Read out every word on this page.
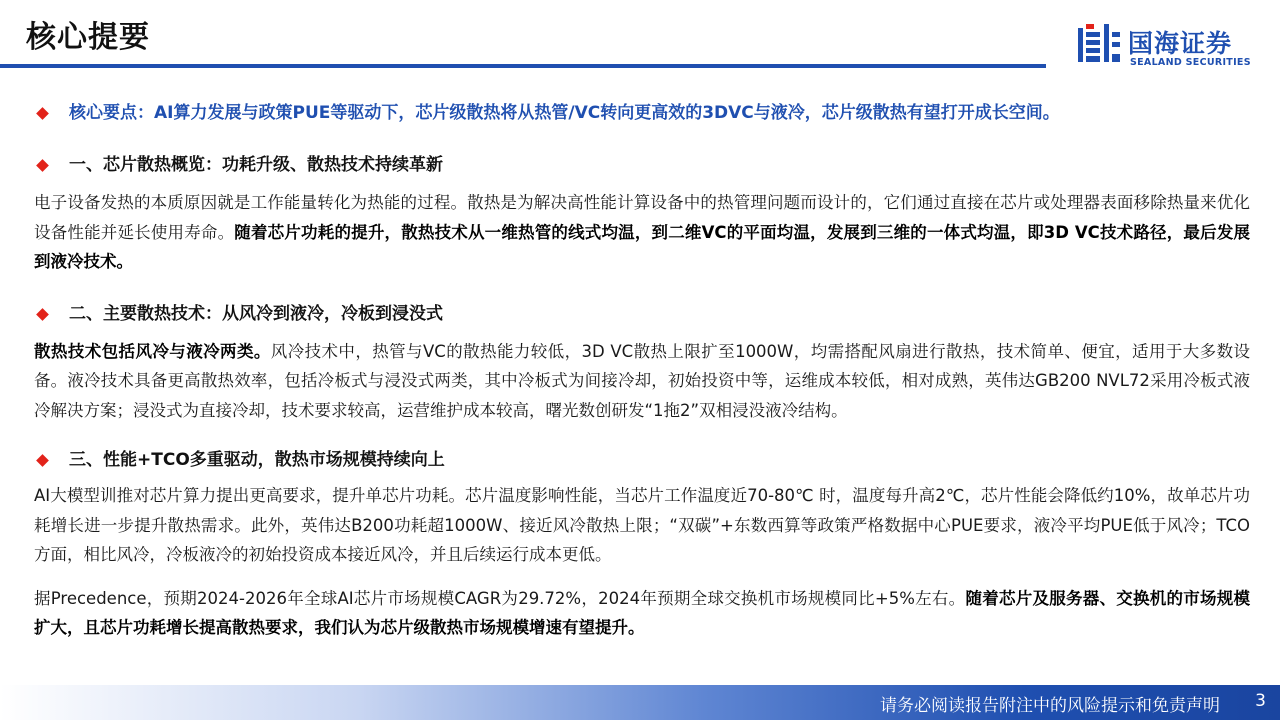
核心提要	国海证券
SEALAND SECURITIES
核心要点：AI算力发展与政策PUE等驱动下，芯片级散热将从热管/VC转向更高效的3DVC与液冷，芯片级散热有望打开成长空间。
一、芯片散热概览：功耗升级、散热技术持续革新
电子设备发热的本质原因就是工作能量转化为热能的过程。散热是为解决高性能计算设备中的热管理问题而设计的，它们通过直接在芯片或处理器表面移除热量来优化设备性能并延长使用寿命。随着芯片功耗的提升，散热技术从一维热管的线式均温，到二维VC的平面均温，发展到三维的一体式均温，即3D VC技术路径，最后发展到液冷技术。
二、主要散热技术：从风冷到液冷，冷板到浸没式
散热技术包括风冷与液冷两类。风冷技术中，热管与VC的散热能力较低，3D VC散热上限扩至1000W，均需搭配风扇进行散热，技术简单、便宜，适用于大多数设备。液冷技术具备更高散热效率，包括冷板式与浸没式两类，其中冷板式为间接冷却，初始投资中等，运维成本较低，相对成熟，英伟达GB200 NVL72采用冷板式液冷解决方案；浸没式为直接冷却，技术要求较高，运营维护成本较高，曙光数创研发“1拖2”双相浸没液冷结构。
三、性能+TCO多重驱动，散热市场规模持续向上
AI大模型训推对芯片算力提出更高要求，提升单芯片功耗。芯片温度影响性能，当芯片工作温度近70-80℃ 时，温度每升高2℃，芯片性能会降低约10%，故单芯片功耗增长进一步提升散热需求。此外，英伟达B200功耗超1000W、接近风冷散热上限；“双碳”+东数西算等政策严格数据中心PUE要求，液冷平均PUE低于风冷；TCO方面，相比风冷，冷板液冷的初始投资成本接近风冷，并且后续运行成本更低。
据Precedence，预期2024-2026年全球AI芯片市场规模CAGR为29.72%，2024年预期全球交换机市场规模同比+5%左右。随着芯片及服务器、交换机的市场规模扩大，且芯片功耗增长提高散热要求，我们认为芯片级散热市场规模增速有望提升。
请务必阅读报告附注中的风险提示和免责声明 3
